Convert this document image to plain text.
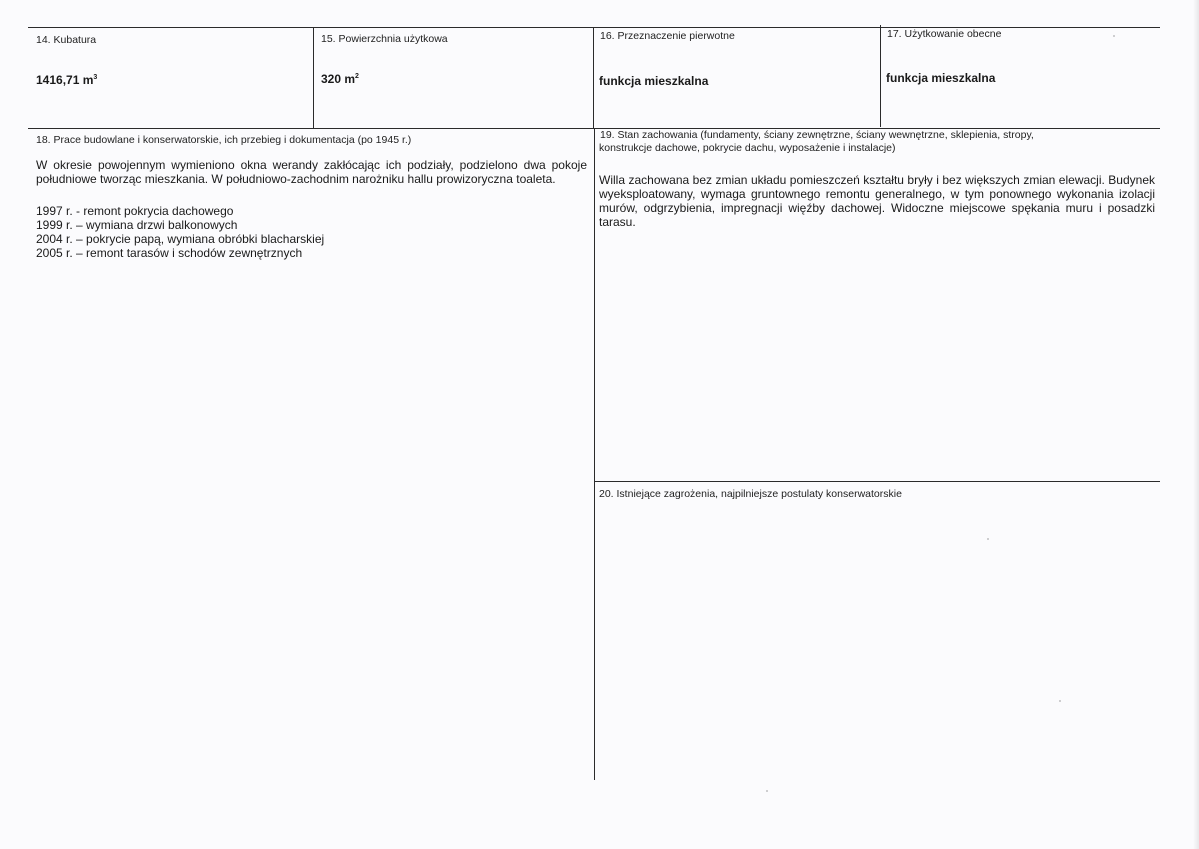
14. Kubatura
1416,71 $m^3$
15. Powierzchnia użytkowa
320 $m^2$
16. Przeznaczenie pierwotne
funkcja mieszkalna
17. Użytkowanie obecne
funkcja mieszkalna
18. Prace budowlane i konserwatorskie, ich przebieg i dokumentacja (po 1945 r.)
W okresie powojennym wymieniono okna werandy zakłócając ich podziały, podzielono dwa pokoje południowe tworząc mieszkania. W południowo-zachodnim narożniku hallu prowizoryczna toaleta.
1997 r. - remont pokrycia dachowego
1999 r. – wymiana drzwi balkonowych
2004 r. – pokrycie papą, wymiana obróbki blacharskiej
2005 r. – remont tarasów i schodów zewnętrznych
19. Stan zachowania (fundamenty, ściany zewnętrzne, ściany wewnętrzne, sklepienia, stropy,
konstrukcje dachowe, pokrycie dachu, wyposażenie i instalacje)
Willa zachowana bez zmian układu pomieszczeń kształtu bryły i bez większych zmian elewacji. Budynek wyeksploatowany, wymaga gruntownego remontu generalnego, w tym ponownego wykonania izolacji murów, odgrzybienia, impregnacji więźby dachowej. Widoczne miejscowe spękania muru i posadzki tarasu.
20. Istniejące zagrożenia, najpilniejsze postulaty konserwatorskie
